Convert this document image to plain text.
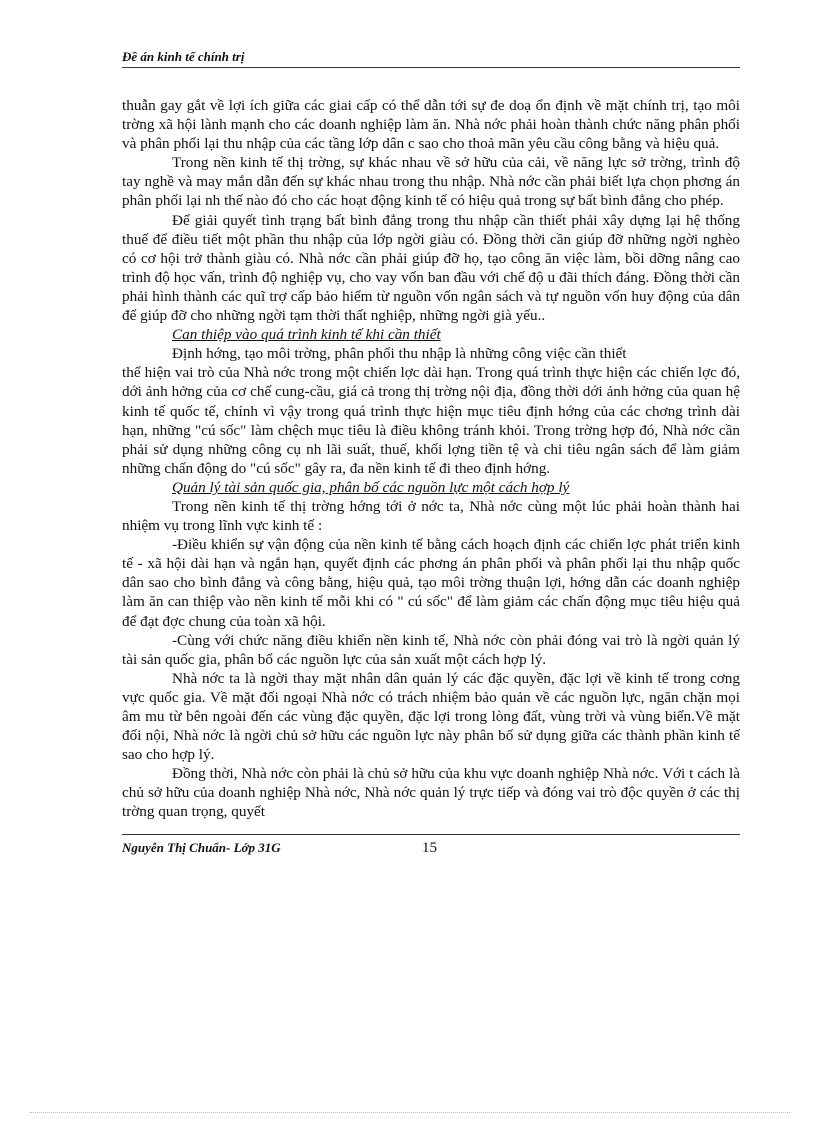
Đề án kinh tế chính trị

thuẫn gay gắt về lợi ích giữa các giai cấp có thể dẫn tới sự đe doạ ổn định về mặt chính trị, tạo môi trờng xã hội lành mạnh cho các doanh nghiệp làm ăn. Nhà nớc phải hoàn thành chức năng phân phối và phân phối lại thu nhập của các tầng lớp dân c sao cho thoả mãn yêu cầu công bằng và hiệu quả.

Trong nền kinh tế thị trờng, sự khác nhau về sở hữu của cải, về năng lực sở trờng, trình độ tay nghề và may mắn dẫn đến sự khác nhau trong thu nhập. Nhà nớc cần phải biết lựa chọn phơng án phân phối lại nh thế nào đó cho các hoạt động kinh tế có hiệu quả trong sự bất bình đẳng cho phép.

Để giải quyết tình trạng bất bình đẳng trong thu nhập cần thiết phải xây dựng lại hệ thống thuế để điều tiết một phần thu nhập của lớp ngời giàu có. Đồng thời cần giúp đỡ những ngời nghèo có cơ hội trở thành giàu có. Nhà nớc cần phải giúp đỡ họ, tạo công ăn việc làm, bồi dỡng nâng cao trình độ học vấn, trình độ nghiệp vụ, cho vay vốn ban đầu với chế độ u đãi thích đáng. Đồng thời cần phải hình thành các quĩ trợ cấp bảo hiểm từ nguồn vốn ngân sách và tự nguồn vốn huy động của dân để giúp đỡ cho những ngời tạm thời thất nghiệp, những ngời già yếu..

Can thiệp vào quá trình kinh tế khi cần thiết

Định hớng, tạo môi trờng, phân phối thu nhập là những công việc cần thiết

thể hiện vai trò của Nhà nớc trong một chiến lợc dài hạn. Trong quá trình thực hiện các chiến lợc đó, dới ảnh hởng của cơ chế cung-cầu, giá cả trong thị trờng nội địa, đồng thời dới ảnh hởng của quan hệ kinh tế quốc tế, chính vì vậy trong quá trình thực hiện mục tiêu định hớng của các chơng trình dài hạn, những "cú sốc" làm chệch mục tiêu là điều không tránh khỏi. Trong trờng hợp đó, Nhà nớc cần phải sử dụng những công cụ nh lãi suất, thuế, khối lợng tiền tệ và chi tiêu ngân sách để làm giảm những chấn động do "cú sốc" gây ra, đa nền kinh tế đi theo định hớng.

Quản lý tài sản quốc gia, phân bố các nguồn lực một cách hợp lý

Trong nền kinh tế thị trờng hớng tới ở nớc ta, Nhà nớc cùng một lúc phải hoàn thành hai nhiệm vụ trong lĩnh vực kinh tế :

-Điều khiển sự vận động của nền kinh tế bằng cách hoạch định các chiến lợc phát triển kinh tế - xã hội dài hạn và ngắn hạn, quyết định các phơng án phân phối và phân phối lại thu nhập quốc dân sao cho bình đẳng và công bằng, hiệu quả, tạo môi trờng thuận lợi, hớng dẫn các doanh nghiệp làm ăn can thiệp vào nền kinh tế mỗi khi có " cú sốc" để làm giảm các chấn động mục tiêu hiệu quả để đạt đợc chung của toàn xã hội.

-Cùng với chức năng điều khiển nền kinh tế, Nhà nớc còn phải đóng vai trò là ngời quản lý tài sản quốc gia, phân bổ các nguồn lực của sản xuất một cách hợp lý.

Nhà nớc ta là ngời thay mặt nhân dân quản lý các đặc quyền, đặc lợi về kinh tế trong cơng vực quốc gia. Về mặt đối ngoại Nhà nớc có trách nhiệm bảo quản về các nguồn lực, ngăn chặn mọi âm mu từ bên ngoài đến các vùng đặc quyền, đặc lợi trong lòng đất, vùng trời và vùng biển.Về mặt đối nội, Nhà nớc là ngời chủ sở hữu các nguồn lực này phân bố sử dụng giữa các thành phần kinh tế sao cho hợp lý.

Đồng thời, Nhà nớc còn phải là chủ sở hữu của khu vực doanh nghiệp Nhà nớc. Với t cách là chủ sở hữu của doanh nghiệp Nhà nớc, Nhà nớc quản lý trực tiếp và đóng vai trò độc quyền ở các thị trờng quan trọng, quyết

Nguyễn Thị Chuẩn- Lớp 31G	15
